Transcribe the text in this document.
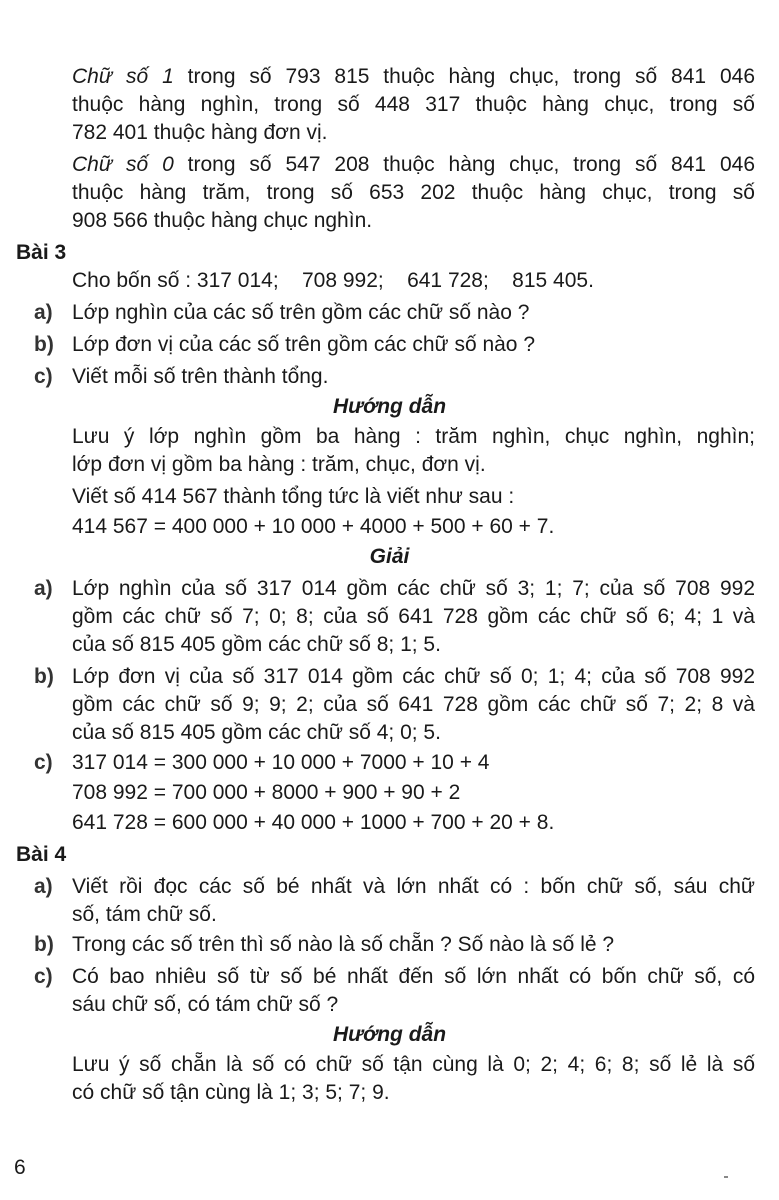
Chữ số 1 trong số 793 815 thuộc hàng chục, trong số 841 046
thuộc hàng nghìn, trong số 448 317 thuộc hàng chục, trong số
782 401 thuộc hàng đơn vị.
Chữ số 0 trong số 547 208 thuộc hàng chục, trong số 841 046
thuộc hàng trăm, trong số 653 202 thuộc hàng chục, trong số
908 566 thuộc hàng chục nghìn.
Bài 3
Cho bốn số : 317 014;    708 992;    641 728;    815 405.
a) Lớp nghìn của các số trên gồm các chữ số nào ?
b) Lớp đơn vị của các số trên gồm các chữ số nào ?
c) Viết mỗi số trên thành tổng.
Hướng dẫn
Lưu ý lớp nghìn gồm ba hàng : trăm nghìn, chục nghìn, nghìn;
lớp đơn vị gồm ba hàng : trăm, chục, đơn vị.
Viết số 414 567 thành tổng tức là viết như sau :
414 567 = 400 000 + 10 000 + 4000 + 500 + 60 + 7.
Giải
a) Lớp nghìn của số 317 014 gồm các chữ số 3; 1; 7; của số 708 992
gồm các chữ số 7; 0; 8; của số 641 728 gồm các chữ số 6; 4; 1 và
của số 815 405 gồm các chữ số 8; 1; 5.
b) Lớp đơn vị của số 317 014 gồm các chữ số 0; 1; 4; của số 708 992
gồm các chữ số 9; 9; 2; của số 641 728 gồm các chữ số 7; 2; 8 và
của số 815 405 gồm các chữ số 4; 0; 5.
c) 317 014 = 300 000 + 10 000 + 7000 + 10 + 4
708 992 = 700 000 + 8000 + 900 + 90 + 2
641 728 = 600 000 + 40 000 + 1000 + 700 + 20 + 8.
Bài 4
a) Viết rồi đọc các số bé nhất và lớn nhất có : bốn chữ số, sáu chữ
số, tám chữ số.
b) Trong các số trên thì số nào là số chẵn ? Số nào là số lẻ ?
c) Có bao nhiêu số từ số bé nhất đến số lớn nhất có bốn chữ số, có
sáu chữ số, có tám chữ số ?
Hướng dẫn
Lưu ý số chẵn là số có chữ số tận cùng là 0; 2; 4; 6; 8; số lẻ là số
có chữ số tận cùng là 1; 3; 5; 7; 9.
6
